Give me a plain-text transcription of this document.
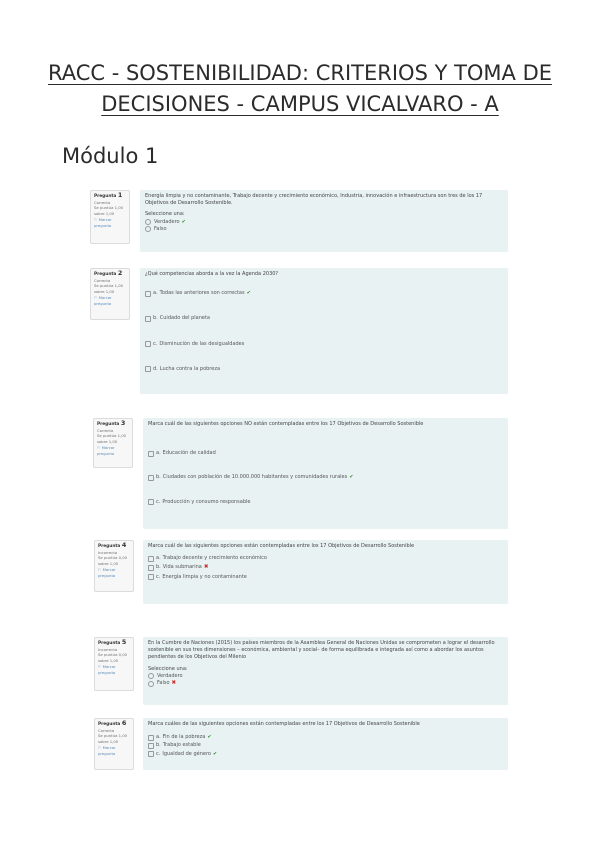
RACC - SOSTENIBILIDAD: CRITERIOS Y TOMA DE DECISIONES - CAMPUS VICALVARO - A
Módulo 1
Pregunta 1
Correcta
Se puntúa 1,00 sobre 1,00
⚐ Marcar pregunta
Energía limpia y no contaminante, Trabajo decente y crecimiento económico, Industria, innovación e infraestructura son tres de los 17 Objetivos de Desarrollo Sostenible.
Seleccione una:
Verdadero ✔
Falso
Pregunta 2
Correcta
Se puntúa 1,00 sobre 1,00
⚐ Marcar pregunta
¿Qué competencias aborda a la vez la Agenda 2030?
a. Todas las anteriores son correctas ✔
b. Cuidado del planeta
c. Disminución de las desigualdades
d. Lucha contra la pobreza
Pregunta 3
Correcta
Se puntúa 1,00 sobre 1,00
⚐ Marcar pregunta
Marca cuál de las siguientes opciones NO están contempladas entre los 17 Objetivos de Desarrollo Sostenible
a. Educación de calidad
b. Ciudades con población de 10.000.000 habitantes y comunidades rurales ✔
c. Producción y consumo responsable
Pregunta 4
Incorrecta
Se puntúa 0,00 sobre 1,00
⚐ Marcar pregunta
Marca cuál de las siguientes opciones están contempladas entre los 17 Objetivos de Desarrollo Sostenible
a. Trabajo decente y crecimiento económico
b. Vida submarina ✖
c. Energía limpia y no contaminante
Pregunta 5
Incorrecta
Se puntúa 0,00 sobre 1,00
⚐ Marcar pregunta
En la Cumbre de Naciones (2015) los países miembros de la Asamblea General de Naciones Unidas se comprometen a lograr el desarrollo sostenible en sus tres dimensiones – económica, ambiental y social– de forma equilibrada e integrada así como a abordar los asuntos pendientes de los Objetivos del Milenio
Seleccione una:
Verdadero
Falso ✖
Pregunta 6
Correcta
Se puntúa 1,00 sobre 1,00
⚐ Marcar pregunta
Marca cuáles de las siguientes opciones están contempladas entre los 17 Objetivos de Desarrollo Sostenible
a. Fin de la pobreza ✔
b. Trabajo estable
c. Igualdad de género ✔
